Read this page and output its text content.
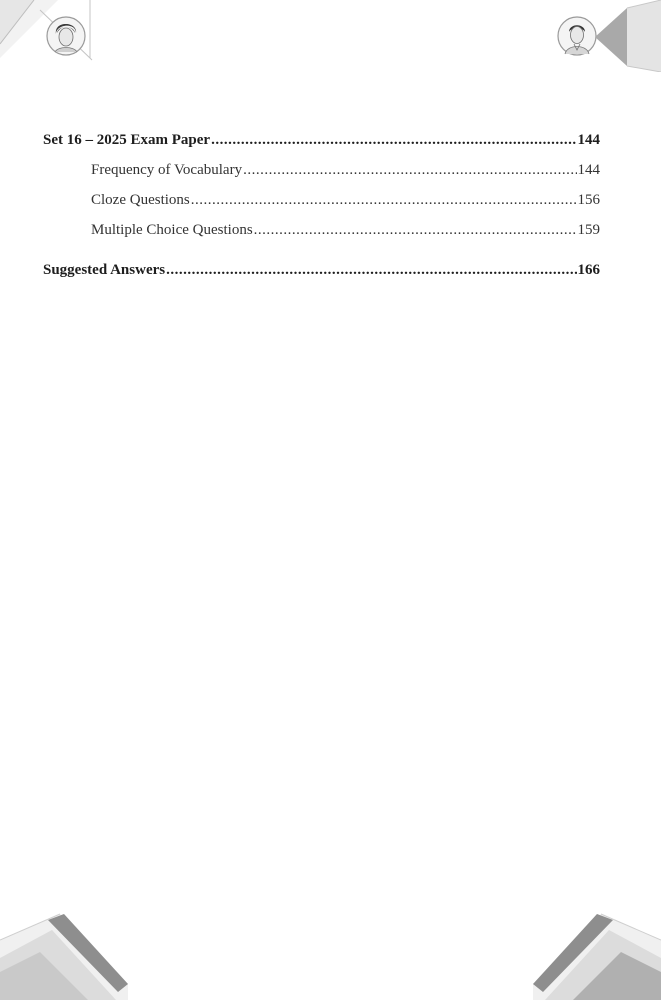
Set 16 – 2025 Exam Paper .....	144
Frequency of Vocabulary .....	144
Cloze Questions .....	156
Multiple Choice Questions .....	159
Suggested Answers .....	166
